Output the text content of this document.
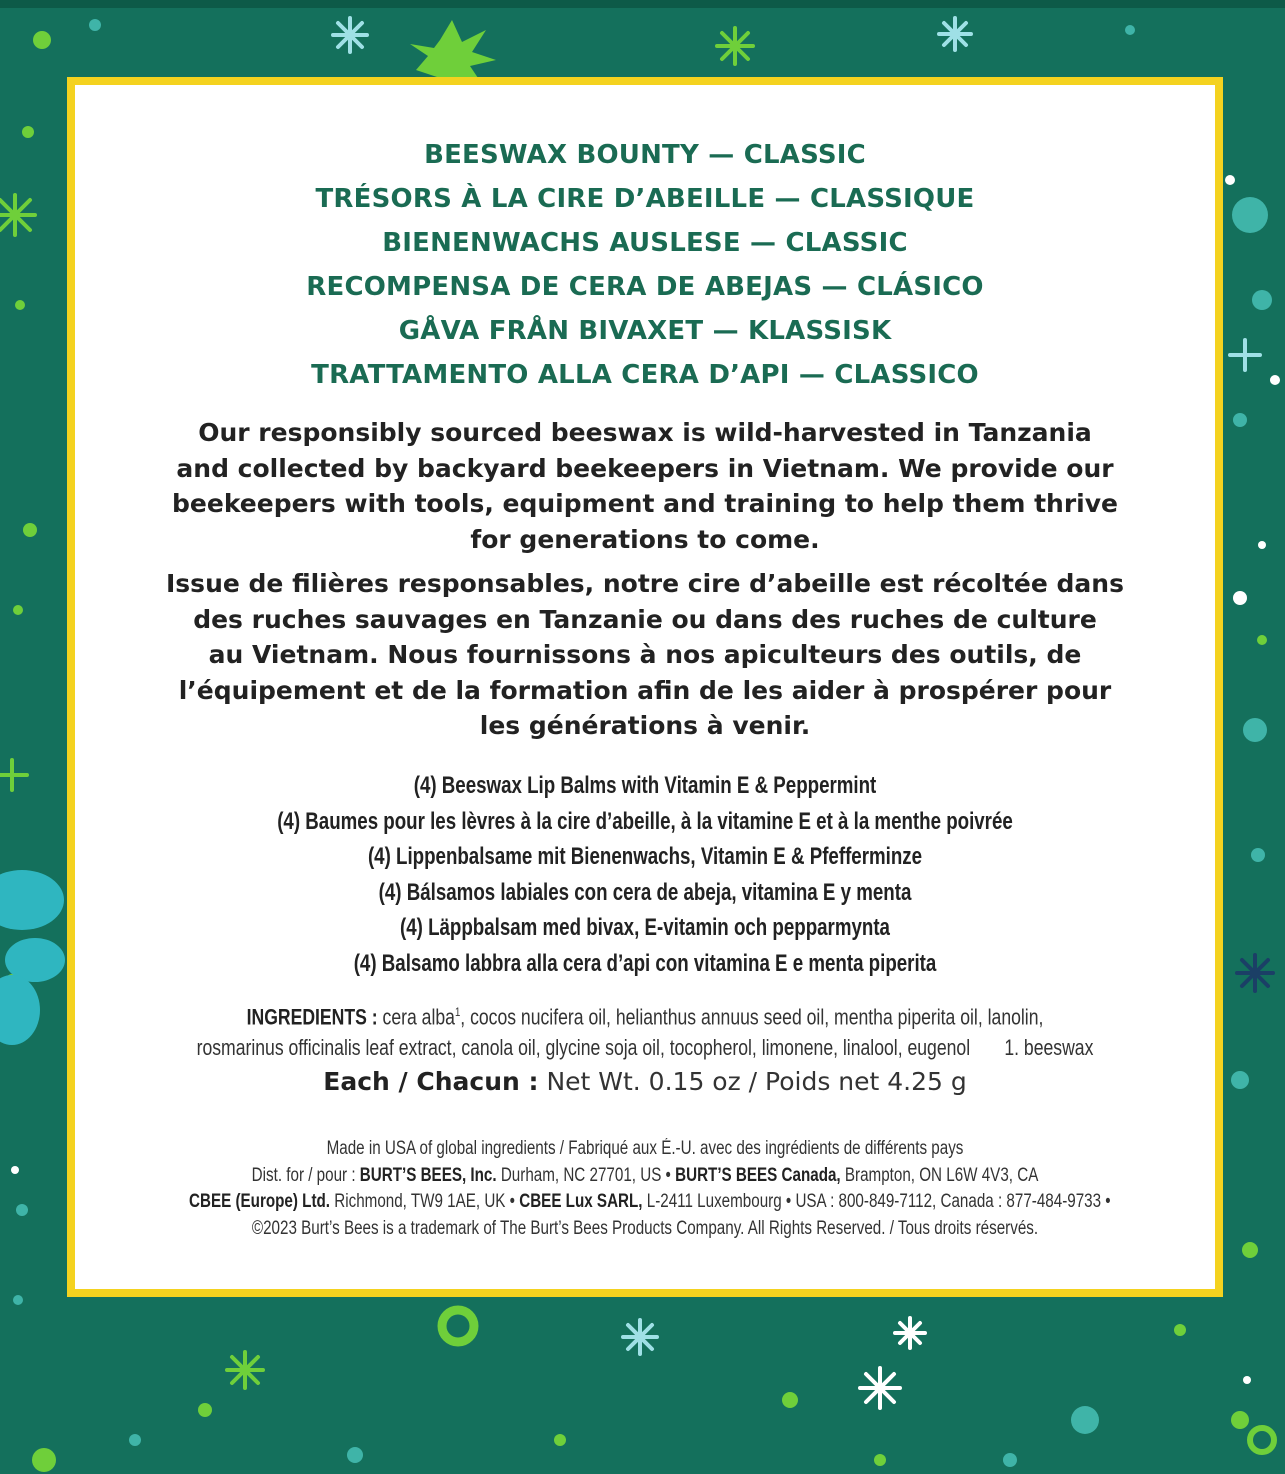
BEESWAX BOUNTY — CLASSIC
TRÉSORS À LA CIRE D’ABEILLE — CLASSIQUE
BIENENWACHS AUSLESE — CLASSIC
RECOMPENSA DE CERA DE ABEJAS — CLÁSICO
GÅVA FRÅN BIVAXET — KLASSISK
TRATTAMENTO ALLA CERA D’API — CLASSICO
Our responsibly sourced beeswax is wild-harvested in Tanzania
and collected by backyard beekeepers in Vietnam. We provide our
beekeepers with tools, equipment and training to help them thrive
for generations to come.
Issue de filières responsables, notre cire d’abeille est récoltée dans
des ruches sauvages en Tanzanie ou dans des ruches de culture
au Vietnam. Nous fournissons à nos apiculteurs des outils, de
l’équipement et de la formation afin de les aider à prospérer pour
les générations à venir.
(4) Beeswax Lip Balms with Vitamin E & Peppermint
(4) Baumes pour les lèvres à la cire d’abeille, à la vitamine E et à la menthe poivrée
(4) Lippenbalsame mit Bienenwachs, Vitamin E & Pfefferminze
(4) Bálsamos labiales con cera de abeja, vitamina E y menta
(4) Läppbalsam med bivax, E-vitamin och pepparmynta
(4) Balsamo labbra alla cera d’api con vitamina E e menta piperita
INGREDIENTS : cera alba$^1$, cocos nucifera oil, helianthus annuus seed oil, mentha piperita oil, lanolin,
rosmarinus officinalis leaf extract, canola oil, glycine soja oil, tocopherol, limonene, linalool, eugenol 1. beeswax
Each / Chacun : Net Wt. 0.15 oz / Poids net 4.25 g
Made in USA of global ingredients / Fabriqué aux É.-U. avec des ingrédients de différents pays
Dist. for / pour : BURT’S BEES, Inc. Durham, NC 27701, US • BURT’S BEES Canada, Brampton, ON L6W 4V3, CA
CBEE (Europe) Ltd. Richmond, TW9 1AE, UK • CBEE Lux SARL, L-2411 Luxembourg • USA : 800-849-7112, Canada : 877-484-9733 •
©2023 Burt’s Bees is a trademark of The Burt’s Bees Products Company. All Rights Reserved. / Tous droits réservés.
